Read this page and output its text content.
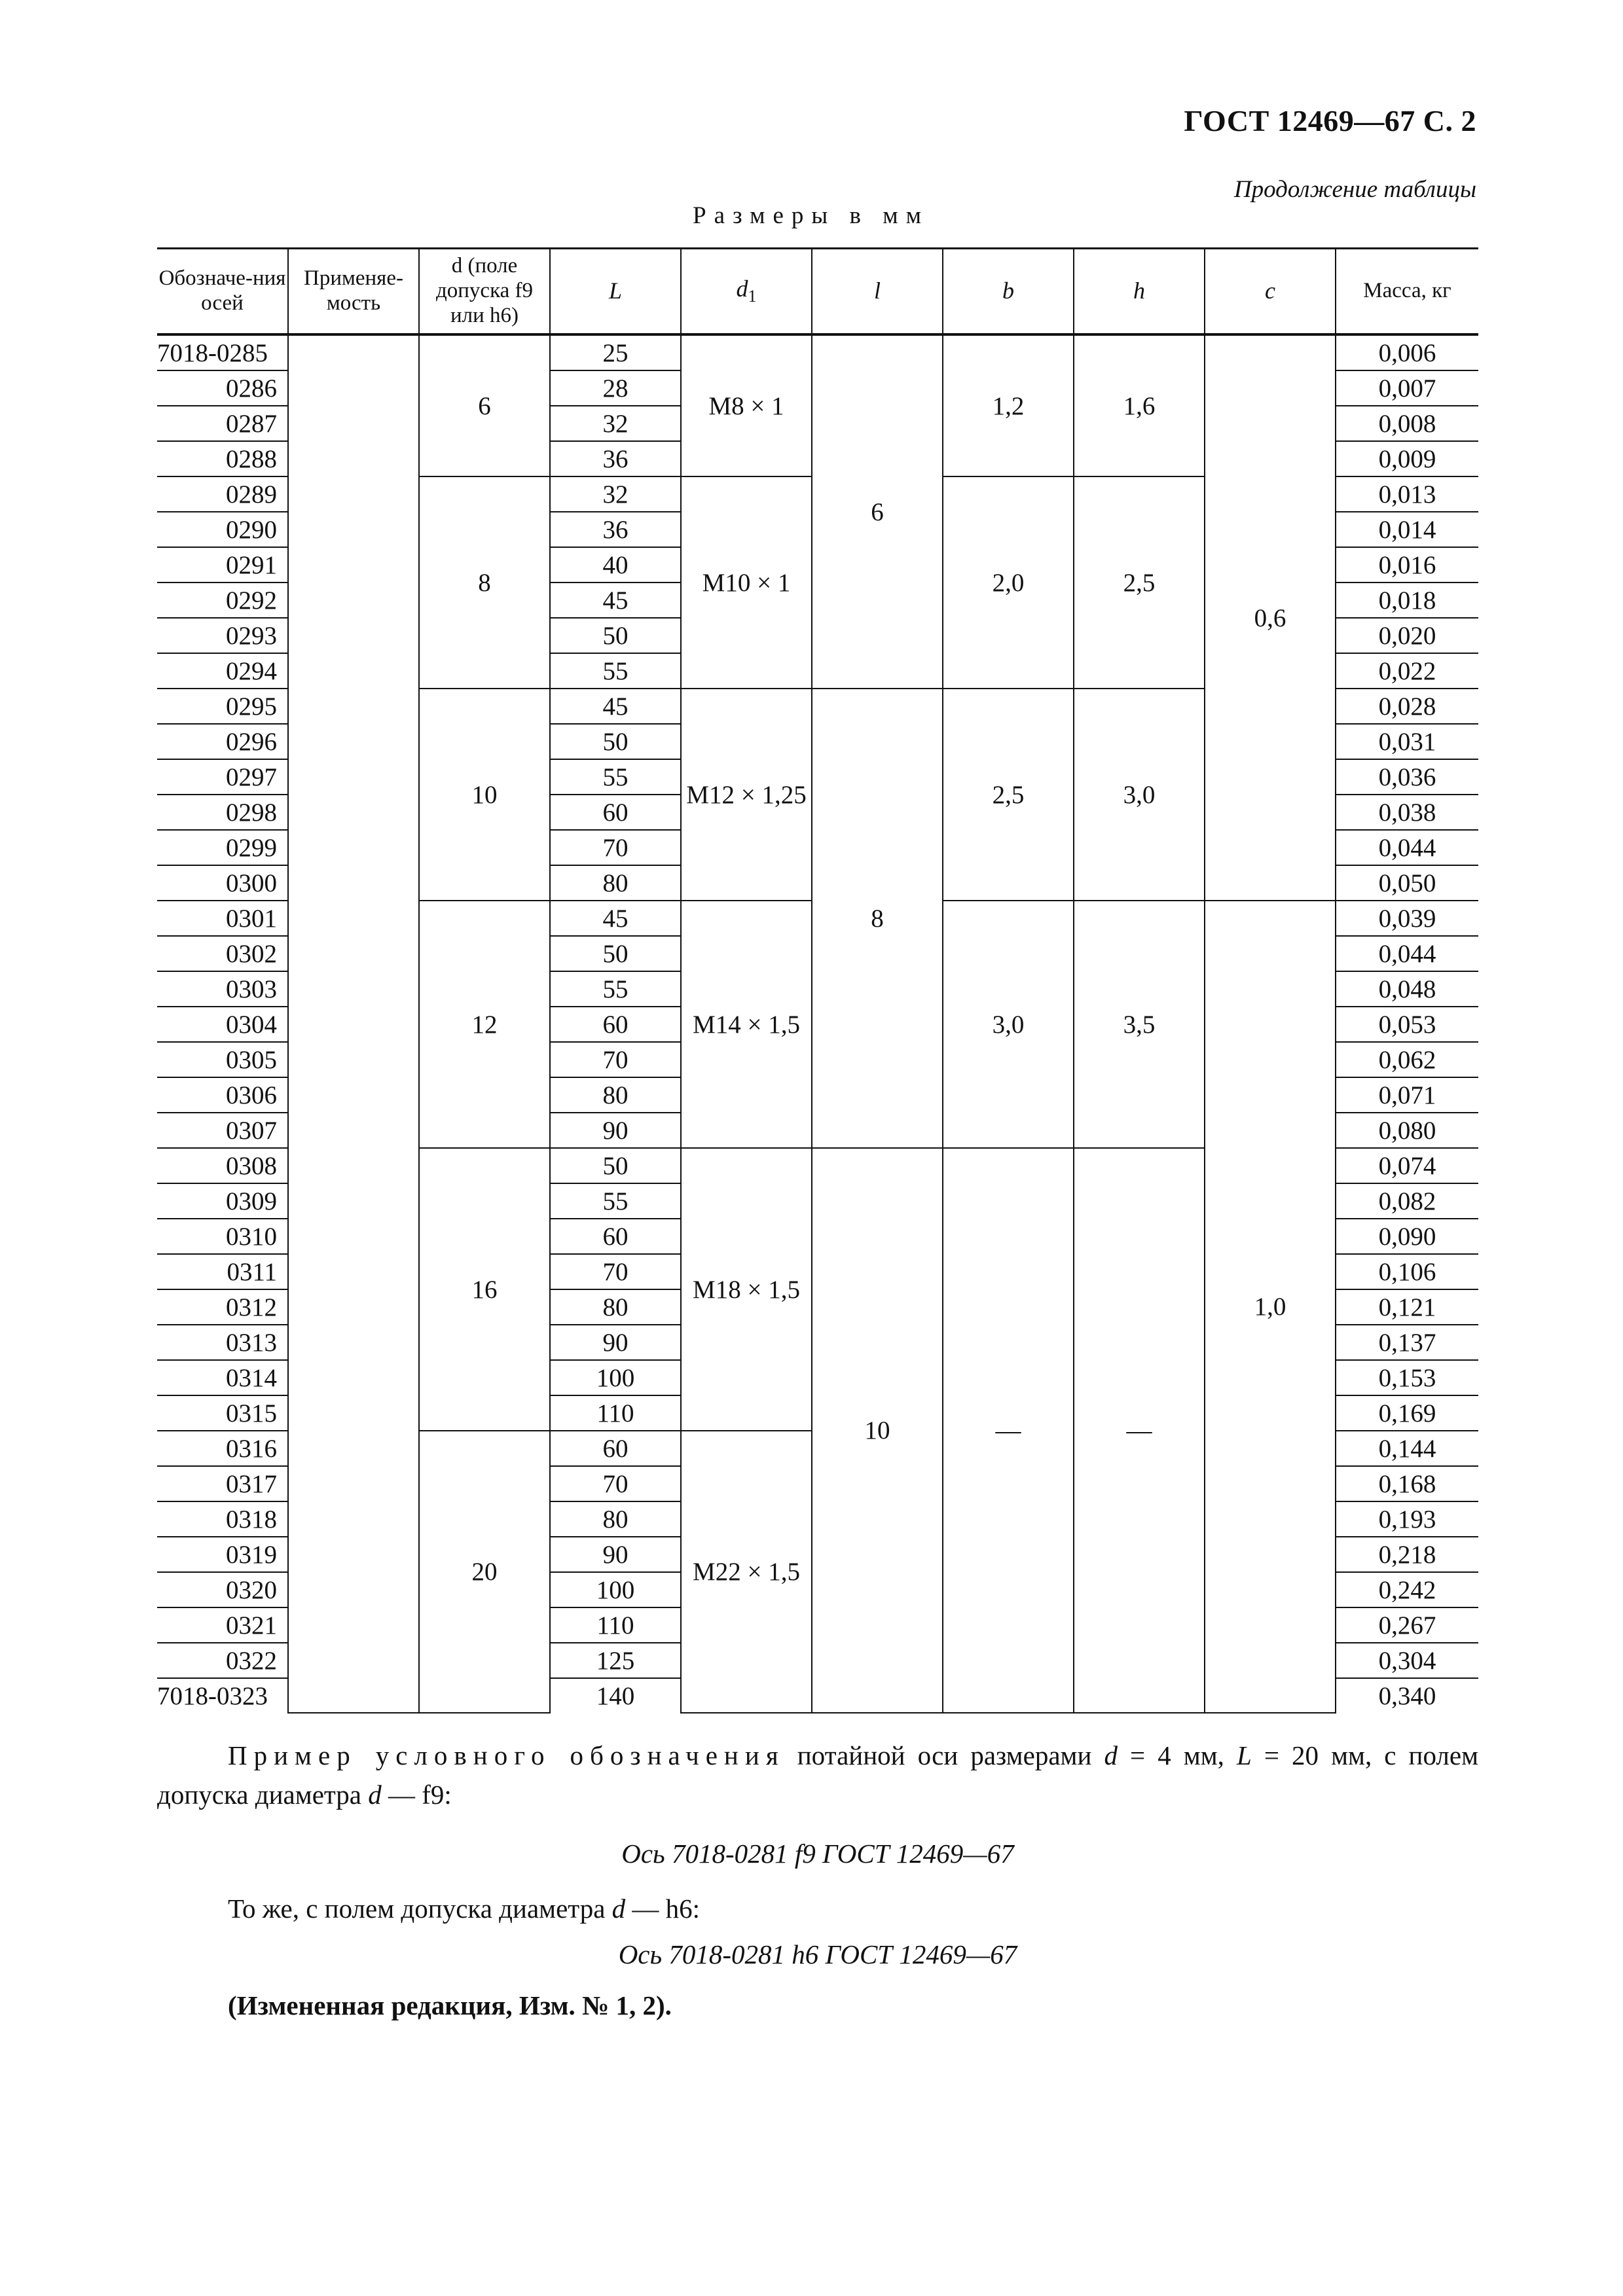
ГОСТ 12469—67 С. 2
Продолжение таблицы
Размеры в мм
Обозначе-ния осей	Применяе-мость	d (поле допуска f9 или h6)	L	$d_1$	l	b	h	c	Масса, кг
7018-0285		6	25	M8 × 1	6	1,2	1,6	0,6	0,006
0286			28						0,007
0287			32						0,008
0288			36						0,009
0289		8	32	M10 × 1		2,0	2,5		0,013
0290			36						0,014
0291			40						0,016
0292			45						0,018
0293			50						0,020
0294			55						0,022
0295		10	45	M12 × 1,25	8	2,5	3,0		0,028
0296			50						0,031
0297			55						0,036
0298			60						0,038
0299			70						0,044
0300			80						0,050
0301		12	45	M14 × 1,5		3,0	3,5	1,0	0,039
0302			50						0,044
0303			55						0,048
0304			60						0,053
0305			70						0,062
0306			80						0,071
0307			90						0,080
0308		16	50	M18 × 1,5	10	—	—		0,074
0309			55						0,082
0310			60						0,090
0311			70						0,106
0312			80						0,121
0313			90						0,137
0314			100						0,153
0315			110						0,169
0316		20	60	M22 × 1,5					0,144
0317			70						0,168
0318			80						0,193
0319			90						0,218
0320			100						0,242
0321			110						0,267
0322			125						0,304
7018-0323			140						0,340
Пример условного обозначения потайной оси размерами d = 4 мм, L = 20 мм, с полем допуска диаметра d — f9:
Ось 7018-0281 f9 ГОСТ 12469—67
То же, с полем допуска диаметра d — h6:
Ось 7018-0281 h6 ГОСТ 12469—67
(Измененная редакция, Изм. № 1, 2).
